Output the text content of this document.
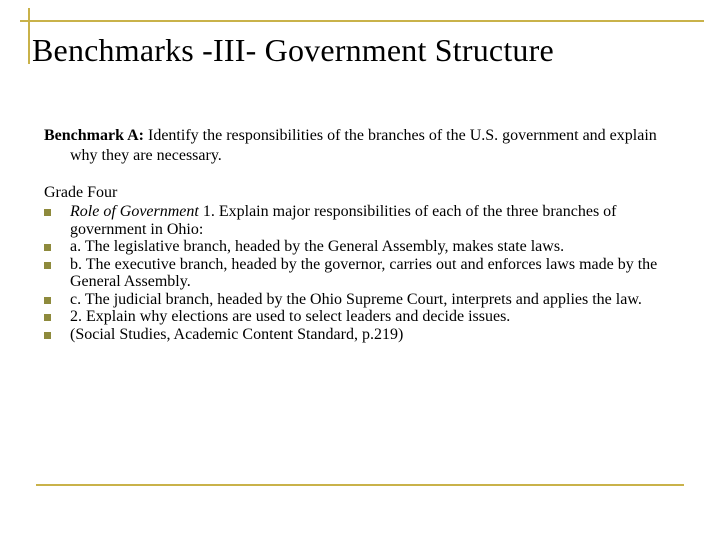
Benchmarks -III- Government Structure

Benchmark A: Identify the responsibilities of the branches of the U.S. government and explain why they are necessary.

Grade Four

Role of Government 1. Explain major responsibilities of each of the three branches of government in Ohio:
a. The legislative branch, headed by the General Assembly, makes state laws.
b. The executive branch, headed by the governor, carries out and enforces laws made by the General Assembly.
c. The judicial branch, headed by the Ohio Supreme Court, interprets and applies the law.
2. Explain why elections are used to select leaders and decide issues.
(Social Studies, Academic Content Standard, p.219)
